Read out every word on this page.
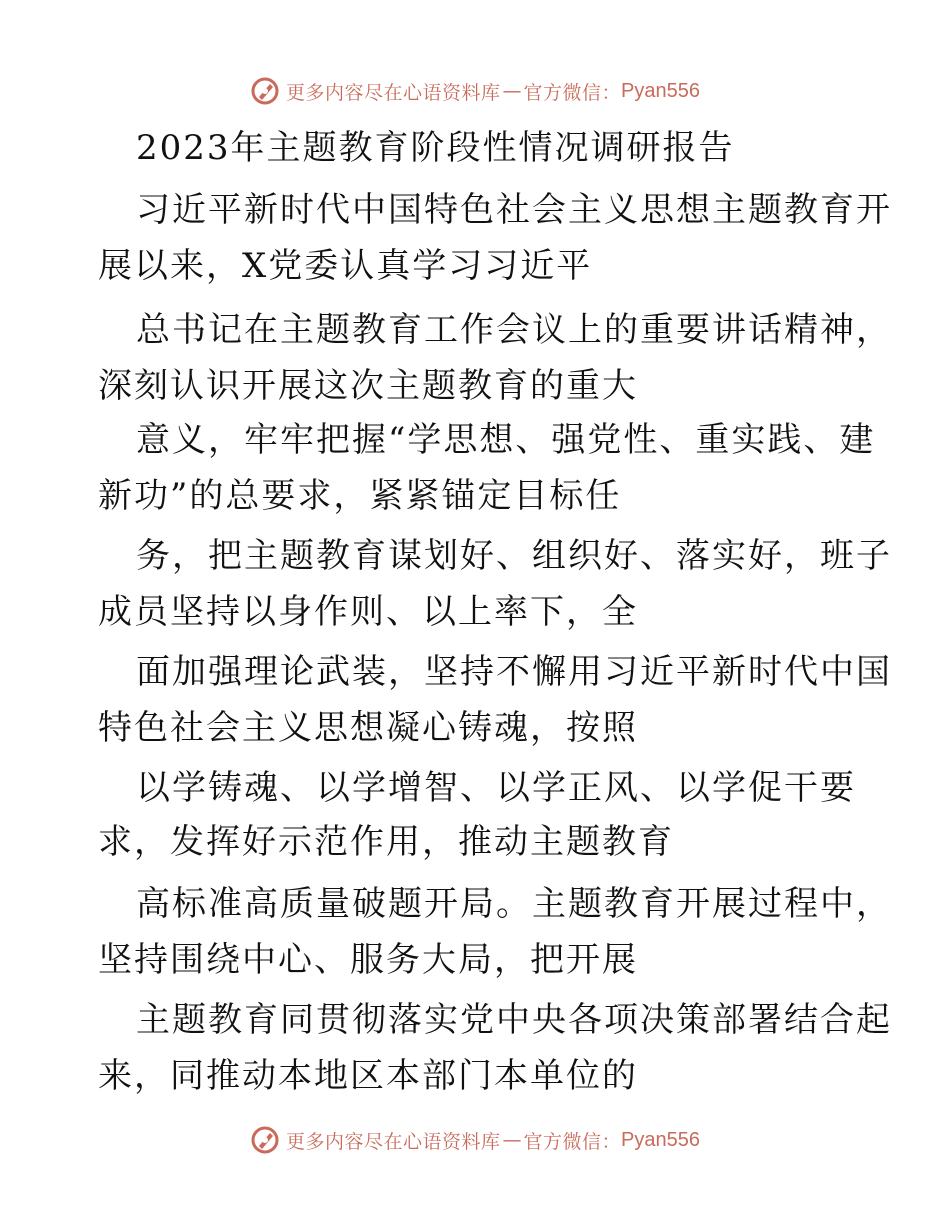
更多内容尽在心语资料库 — 官方微信： Pyan556
2023年主题教育阶段性情况调研报告
习近平新时代中国特色社会主义思想主题教育开
展以来，X党委认真学习习近平
总书记在主题教育工作会议上的重要讲话精神，
深刻认识开展这次主题教育的重大
意义，牢牢把握“学思想、强党性、重实践、建
新功”的总要求，紧紧锚定目标任
务，把主题教育谋划好、组织好、落实好，班子
成员坚持以身作则、以上率下，全
面加强理论武装，坚持不懈用习近平新时代中国
特色社会主义思想凝心铸魂，按照
以学铸魂、以学增智、以学正风、以学促干要
求，发挥好示范作用，推动主题教育
高标准高质量破题开局。主题教育开展过程中，
坚持围绕中心、服务大局，把开展
主题教育同贯彻落实党中央各项决策部署结合起
来，同推动本地区本部门本单位的
更多内容尽在心语资料库 — 官方微信： Pyan556
